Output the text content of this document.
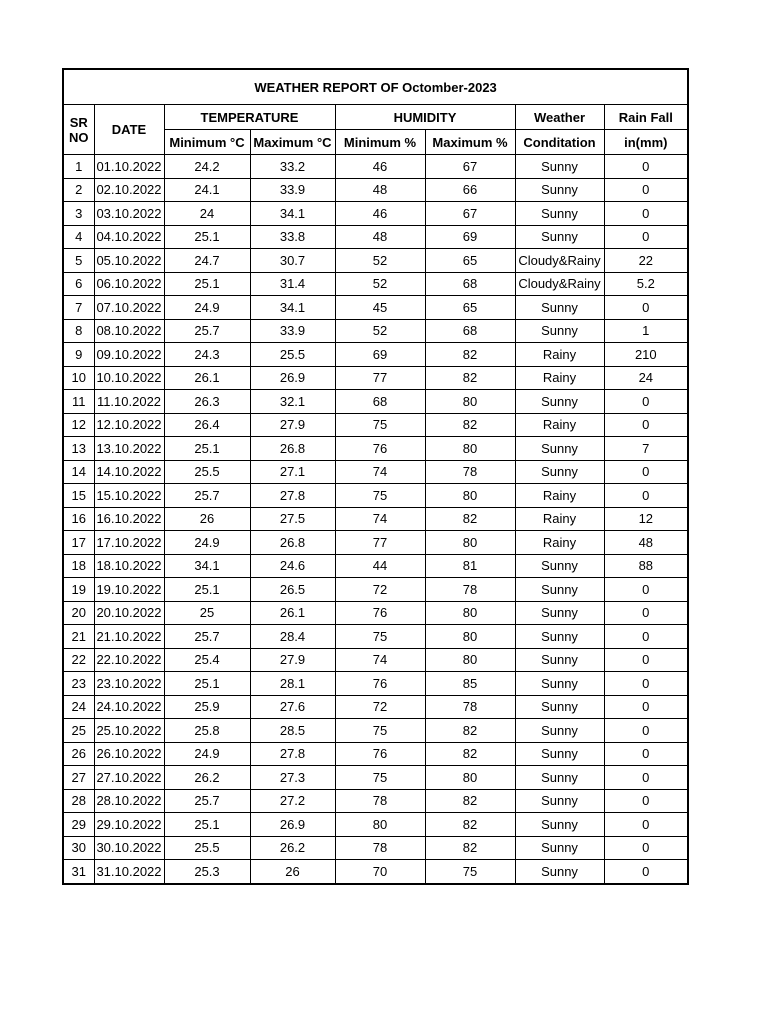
WEATHER REPORT OF Octomber-2023							
SR NO	DATE	TEMPERATURE		HUMIDITY		Weather	Rain Fall
		Minimum °C	Maximum °C	Minimum %	Maximum %	Conditation	in(mm)
1	01.10.2022	24.2	33.2	46	67	Sunny	0
2	02.10.2022	24.1	33.9	48	66	Sunny	0
3	03.10.2022	24	34.1	46	67	Sunny	0
4	04.10.2022	25.1	33.8	48	69	Sunny	0
5	05.10.2022	24.7	30.7	52	65	Cloudy&Rainy	22
6	06.10.2022	25.1	31.4	52	68	Cloudy&Rainy	5.2
7	07.10.2022	24.9	34.1	45	65	Sunny	0
8	08.10.2022	25.7	33.9	52	68	Sunny	1
9	09.10.2022	24.3	25.5	69	82	Rainy	210
10	10.10.2022	26.1	26.9	77	82	Rainy	24
11	11.10.2022	26.3	32.1	68	80	Sunny	0
12	12.10.2022	26.4	27.9	75	82	Rainy	0
13	13.10.2022	25.1	26.8	76	80	Sunny	7
14	14.10.2022	25.5	27.1	74	78	Sunny	0
15	15.10.2022	25.7	27.8	75	80	Rainy	0
16	16.10.2022	26	27.5	74	82	Rainy	12
17	17.10.2022	24.9	26.8	77	80	Rainy	48
18	18.10.2022	34.1	24.6	44	81	Sunny	88
19	19.10.2022	25.1	26.5	72	78	Sunny	0
20	20.10.2022	25	26.1	76	80	Sunny	0
21	21.10.2022	25.7	28.4	75	80	Sunny	0
22	22.10.2022	25.4	27.9	74	80	Sunny	0
23	23.10.2022	25.1	28.1	76	85	Sunny	0
24	24.10.2022	25.9	27.6	72	78	Sunny	0
25	25.10.2022	25.8	28.5	75	82	Sunny	0
26	26.10.2022	24.9	27.8	76	82	Sunny	0
27	27.10.2022	26.2	27.3	75	80	Sunny	0
28	28.10.2022	25.7	27.2	78	82	Sunny	0
29	29.10.2022	25.1	26.9	80	82	Sunny	0
30	30.10.2022	25.5	26.2	78	82	Sunny	0
31	31.10.2022	25.3	26	70	75	Sunny	0
